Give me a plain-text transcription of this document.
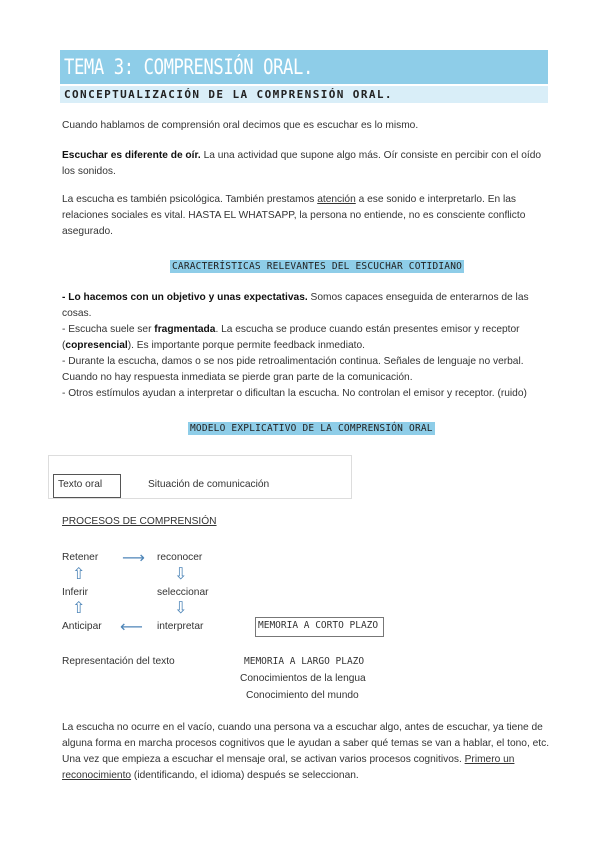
TEMA 3: COMPRENSIÓN ORAL.
CONCEPTUALIZACIÓN DE LA COMPRENSIÓN ORAL.
Cuando hablamos de comprensión oral decimos que es escuchar es lo mismo.
Escuchar es diferente de oír. La una actividad que supone algo más. Oír consiste en percibir con el oído los sonidos.
La escucha es también psicológica. También prestamos atención a ese sonido e interpretarlo. En las relaciones sociales es vital. HASTA EL WHATSAPP, la persona no entiende, no es consciente conflicto asegurado.
CARACTERÍSTICAS RELEVANTES DEL ESCUCHAR COTIDIANO
- Lo hacemos con un objetivo y unas expectativas. Somos capaces enseguida de enterarnos de las cosas.
- Escucha suele ser fragmentada. La escucha se produce cuando están presentes emisor y receptor (copresencial). Es importante porque permite feedback inmediato.
- Durante la escucha, damos o se nos pide retroalimentación continua. Señales de lenguaje no verbal. Cuando no hay respuesta inmediata se pierde gran parte de la comunicación.
- Otros estímulos ayudan a interpretar o dificultan la escucha. No controlan el emisor y receptor. (ruido)
MODELO EXPLICATIVO DE LA COMPRENSIÓN ORAL
Texto oral	Situación de comunicación
PROCESOS DE COMPRENSIÓN
Retener ⟶ reconocer
⇧	⇩
Inferir	seleccionar
⇧	⇩
Anticipar ⟵ interpretar	MEMORIA A CORTO PLAZO
Representación del texto	MEMORIA A LARGO PLAZO
Conocimientos de la lengua
Conocimiento del mundo
La escucha no ocurre en el vacío, cuando una persona va a escuchar algo, antes de escuchar, ya tiene de alguna forma en marcha procesos cognitivos que le ayudan a saber qué temas se van a hablar, el tono, etc. Una vez que empieza a escuchar el mensaje oral, se activan varios procesos cognitivos. Primero un reconocimiento (identificando, el idioma) después se seleccionan.
